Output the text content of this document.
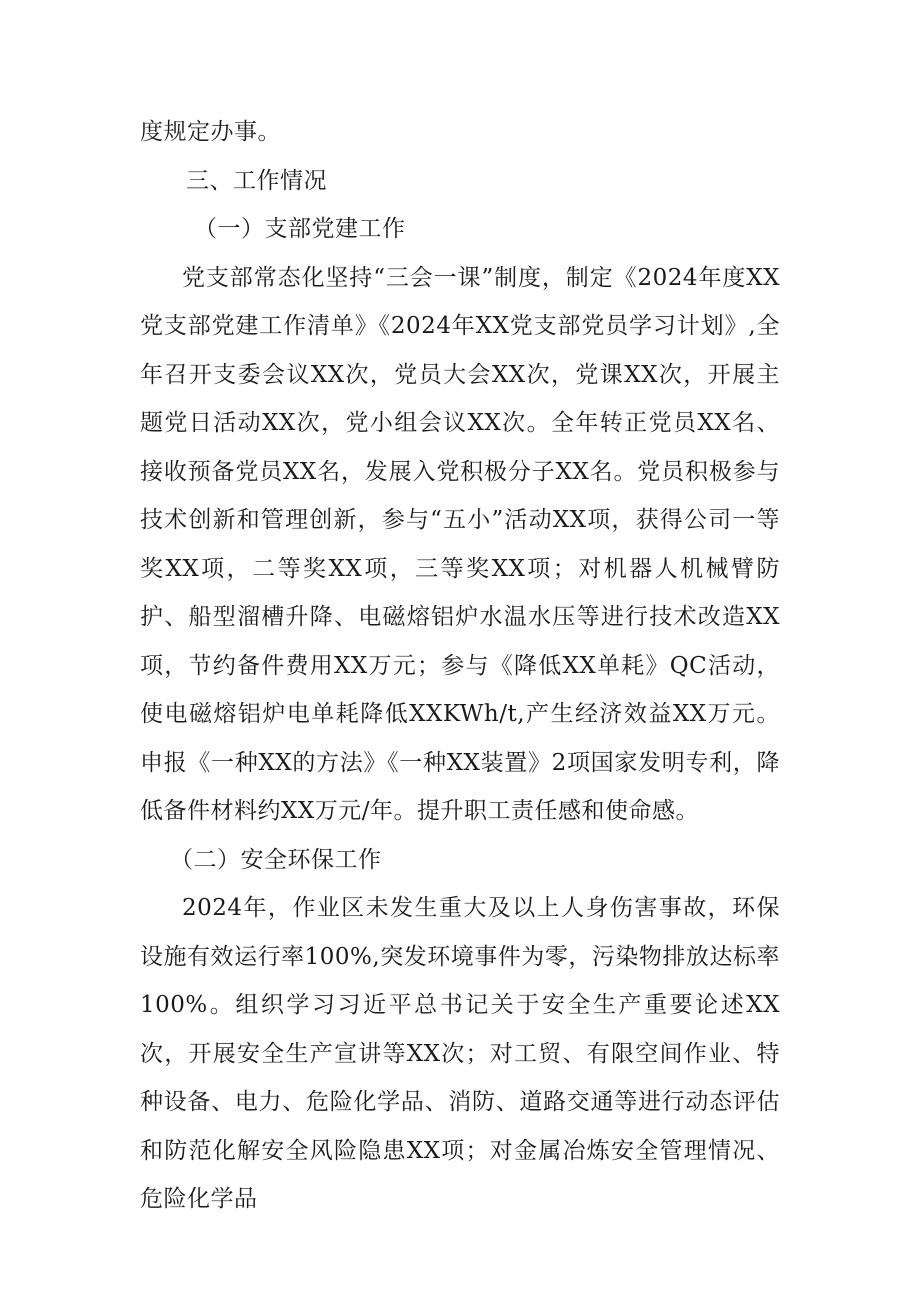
度规定办事。

三、工作情况

（一）支部党建工作

党支部常态化坚持“三会一课”制度，制定《2024年度XX党支部党建工作清单》《2024年XX党支部党员学习计划》,全年召开支委会议XX次，党员大会XX次，党课XX次，开展主题党日活动XX次，党小组会议XX次。全年转正党员XX名、接收预备党员XX名，发展入党积极分子XX名。党员积极参与技术创新和管理创新，参与“五小”活动XX项，获得公司一等奖XX项，二等奖XX项，三等奖XX项；对机器人机械臂防护、船型溜槽升降、电磁熔铝炉水温水压等进行技术改造XX项，节约备件费用XX万元；参与《降低XX单耗》QC活动，使电磁熔铝炉电单耗降低XXKWh/t,产生经济效益XX万元。申报《一种XX的方法》《一种XX装置》2项国家发明专利，降低备件材料约XX万元/年。提升职工责任感和使命感。

（二）安全环保工作

2024年，作业区未发生重大及以上人身伤害事故，环保设施有效运行率100%,突发环境事件为零，污染物排放达标率100%。组织学习习近平总书记关于安全生产重要论述XX次，开展安全生产宣讲等XX次；对工贸、有限空间作业、特种设备、电力、危险化学品、消防、道路交通等进行动态评估和防范化解安全风险隐患XX项；对金属冶炼安全管理情况、危险化学品
